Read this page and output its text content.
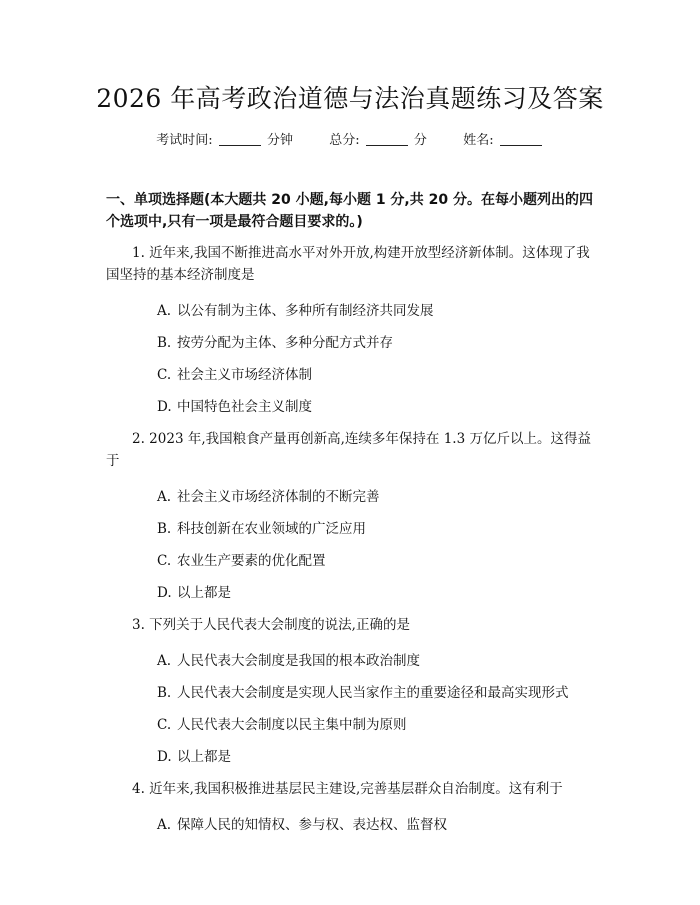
2026 年高考政治道德与法治真题练习及答案
考试时间:	分钟	总分:	分	姓名:
一、单项选择题(本大题共 20 小题,每小题 1 分,共 20 分。在每小题列出的四个选项中,只有一项是最符合题目要求的。)

1. 近年来,我国不断推进高水平对外开放,构建开放型经济新体制。这体现了我国坚持的基本经济制度是

A. 以公有制为主体、多种所有制经济共同发展

B. 按劳分配为主体、多种分配方式并存

C. 社会主义市场经济体制

D. 中国特色社会主义制度

2. 2023 年,我国粮食产量再创新高,连续多年保持在 1.3 万亿斤以上。这得益于

A. 社会主义市场经济体制的不断完善

B. 科技创新在农业领域的广泛应用

C. 农业生产要素的优化配置

D. 以上都是

3. 下列关于人民代表大会制度的说法,正确的是

A. 人民代表大会制度是我国的根本政治制度

B. 人民代表大会制度是实现人民当家作主的重要途径和最高实现形式

C. 人民代表大会制度以民主集中制为原则

D. 以上都是

4. 近年来,我国积极推进基层民主建设,完善基层群众自治制度。这有利于

A. 保障人民的知情权、参与权、表达权、监督权
